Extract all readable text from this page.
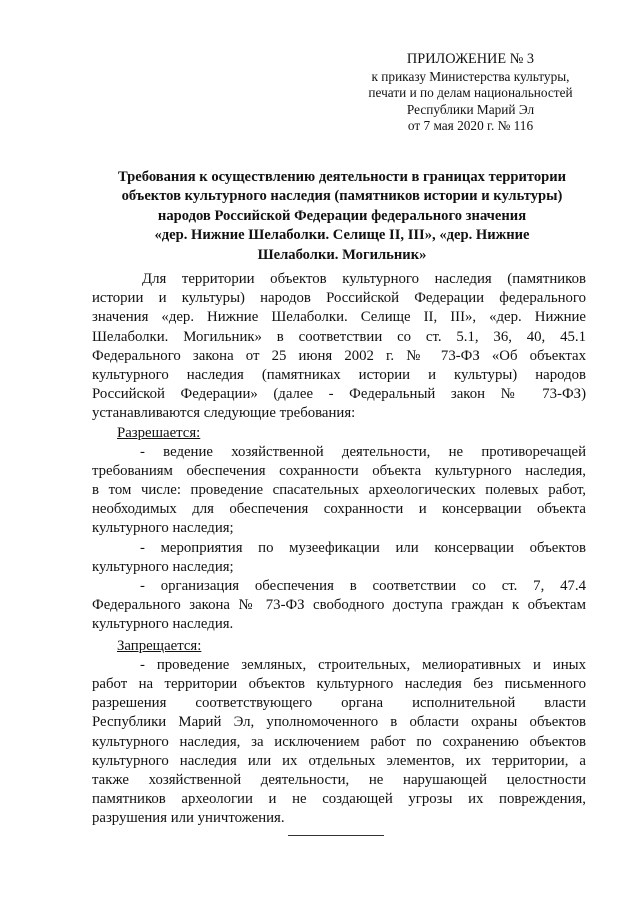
ПРИЛОЖЕНИЕ № 3
к приказу Министерства культуры,
печати и по делам национальностей
Республики Марий Эл
от 7 мая 2020 г. № 116
Требования к осуществлению деятельности в границах территории
объектов культурного наследия (памятников истории и культуры)
народов Российской Федерации федерального значения
«дер. Нижние Шелаболки. Селище II, III», «дер. Нижние
Шелаболки. Могильник»
Для территории объектов культурного наследия (памятников
истории и культуры) народов Российской Федерации федерального
значения «дер. Нижние Шелаболки. Селище II, III», «дер. Нижние
Шелаболки. Могильник» в соответствии со ст. 5.1, 36, 40, 45.1
Федерального закона от 25 июня 2002 г. № 73-ФЗ «Об объектах
культурного наследия (памятниках истории и культуры) народов
Российской Федерации» (далее - Федеральный закон № 73-ФЗ)
устанавливаются следующие требования:
Разрешается:
- ведение хозяйственной деятельности, не противоречащей
требованиям обеспечения сохранности объекта культурного наследия,
в том числе: проведение спасательных археологических полевых работ,
необходимых для обеспечения сохранности и консервации объекта
культурного наследия;
- мероприятия по музеефикации или консервации объектов
культурного наследия;
- организация обеспечения в соответствии со ст. 7, 47.4
Федерального закона № 73-ФЗ свободного доступа граждан к объектам
культурного наследия.
Запрещается:
- проведение земляных, строительных, мелиоративных и иных
работ на территории объектов культурного наследия без письменного
разрешения соответствующего органа исполнительной власти
Республики Марий Эл, уполномоченного в области охраны объектов
культурного наследия, за исключением работ по сохранению объектов
культурного наследия или их отдельных элементов, их территории, а
также хозяйственной деятельности, не нарушающей целостности
памятников археологии и не создающей угрозы их повреждения,
разрушения или уничтожения.
